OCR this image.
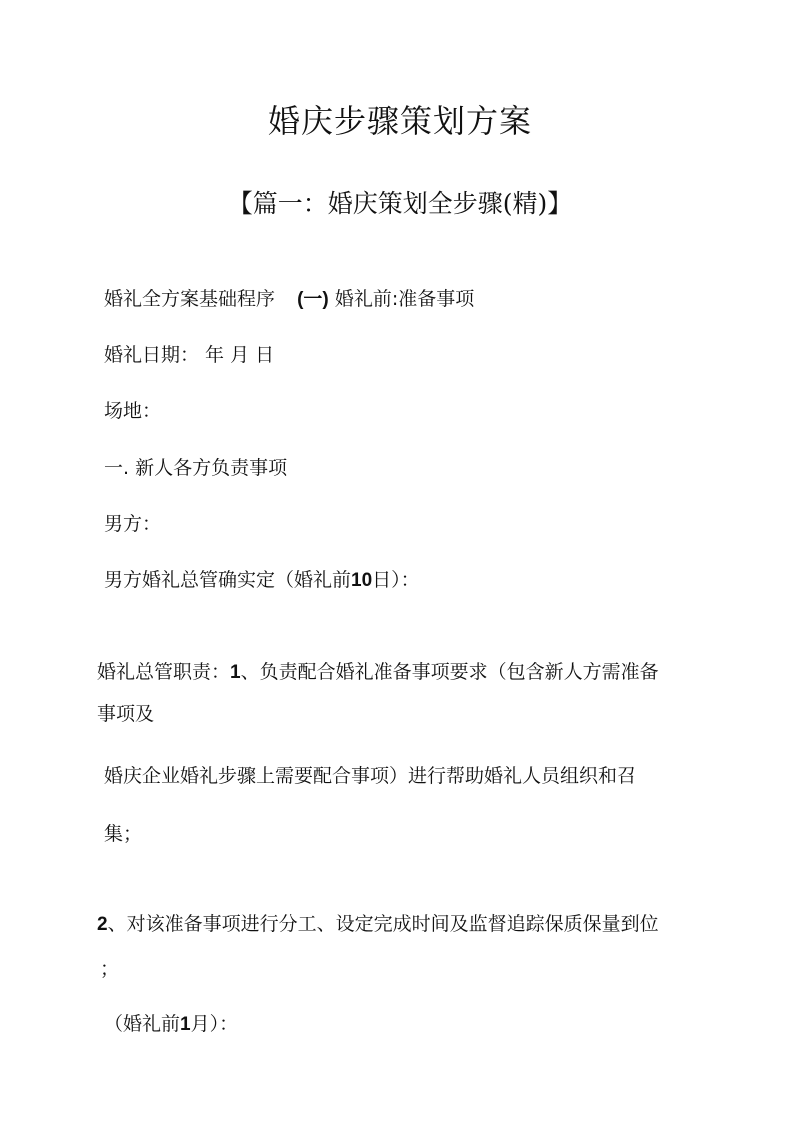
婚庆步骤策划方案
【篇一：婚庆策划全步骤(精)】
婚礼全方案基础程序 (一) 婚礼前:准备事项
婚礼日期： 年 月 日
场地：
一. 新人各方负责事项
男方：
男方婚礼总管确实定（婚礼前10日）：
婚礼总管职责：1、负责配合婚礼准备事项要求（包含新人方需准备
事项及
婚庆企业婚礼步骤上需要配合事项）进行帮助婚礼人员组织和召
集；
2、对该准备事项进行分工、设定完成时间及监督追踪保质保量到位
；
（婚礼前1月）：
